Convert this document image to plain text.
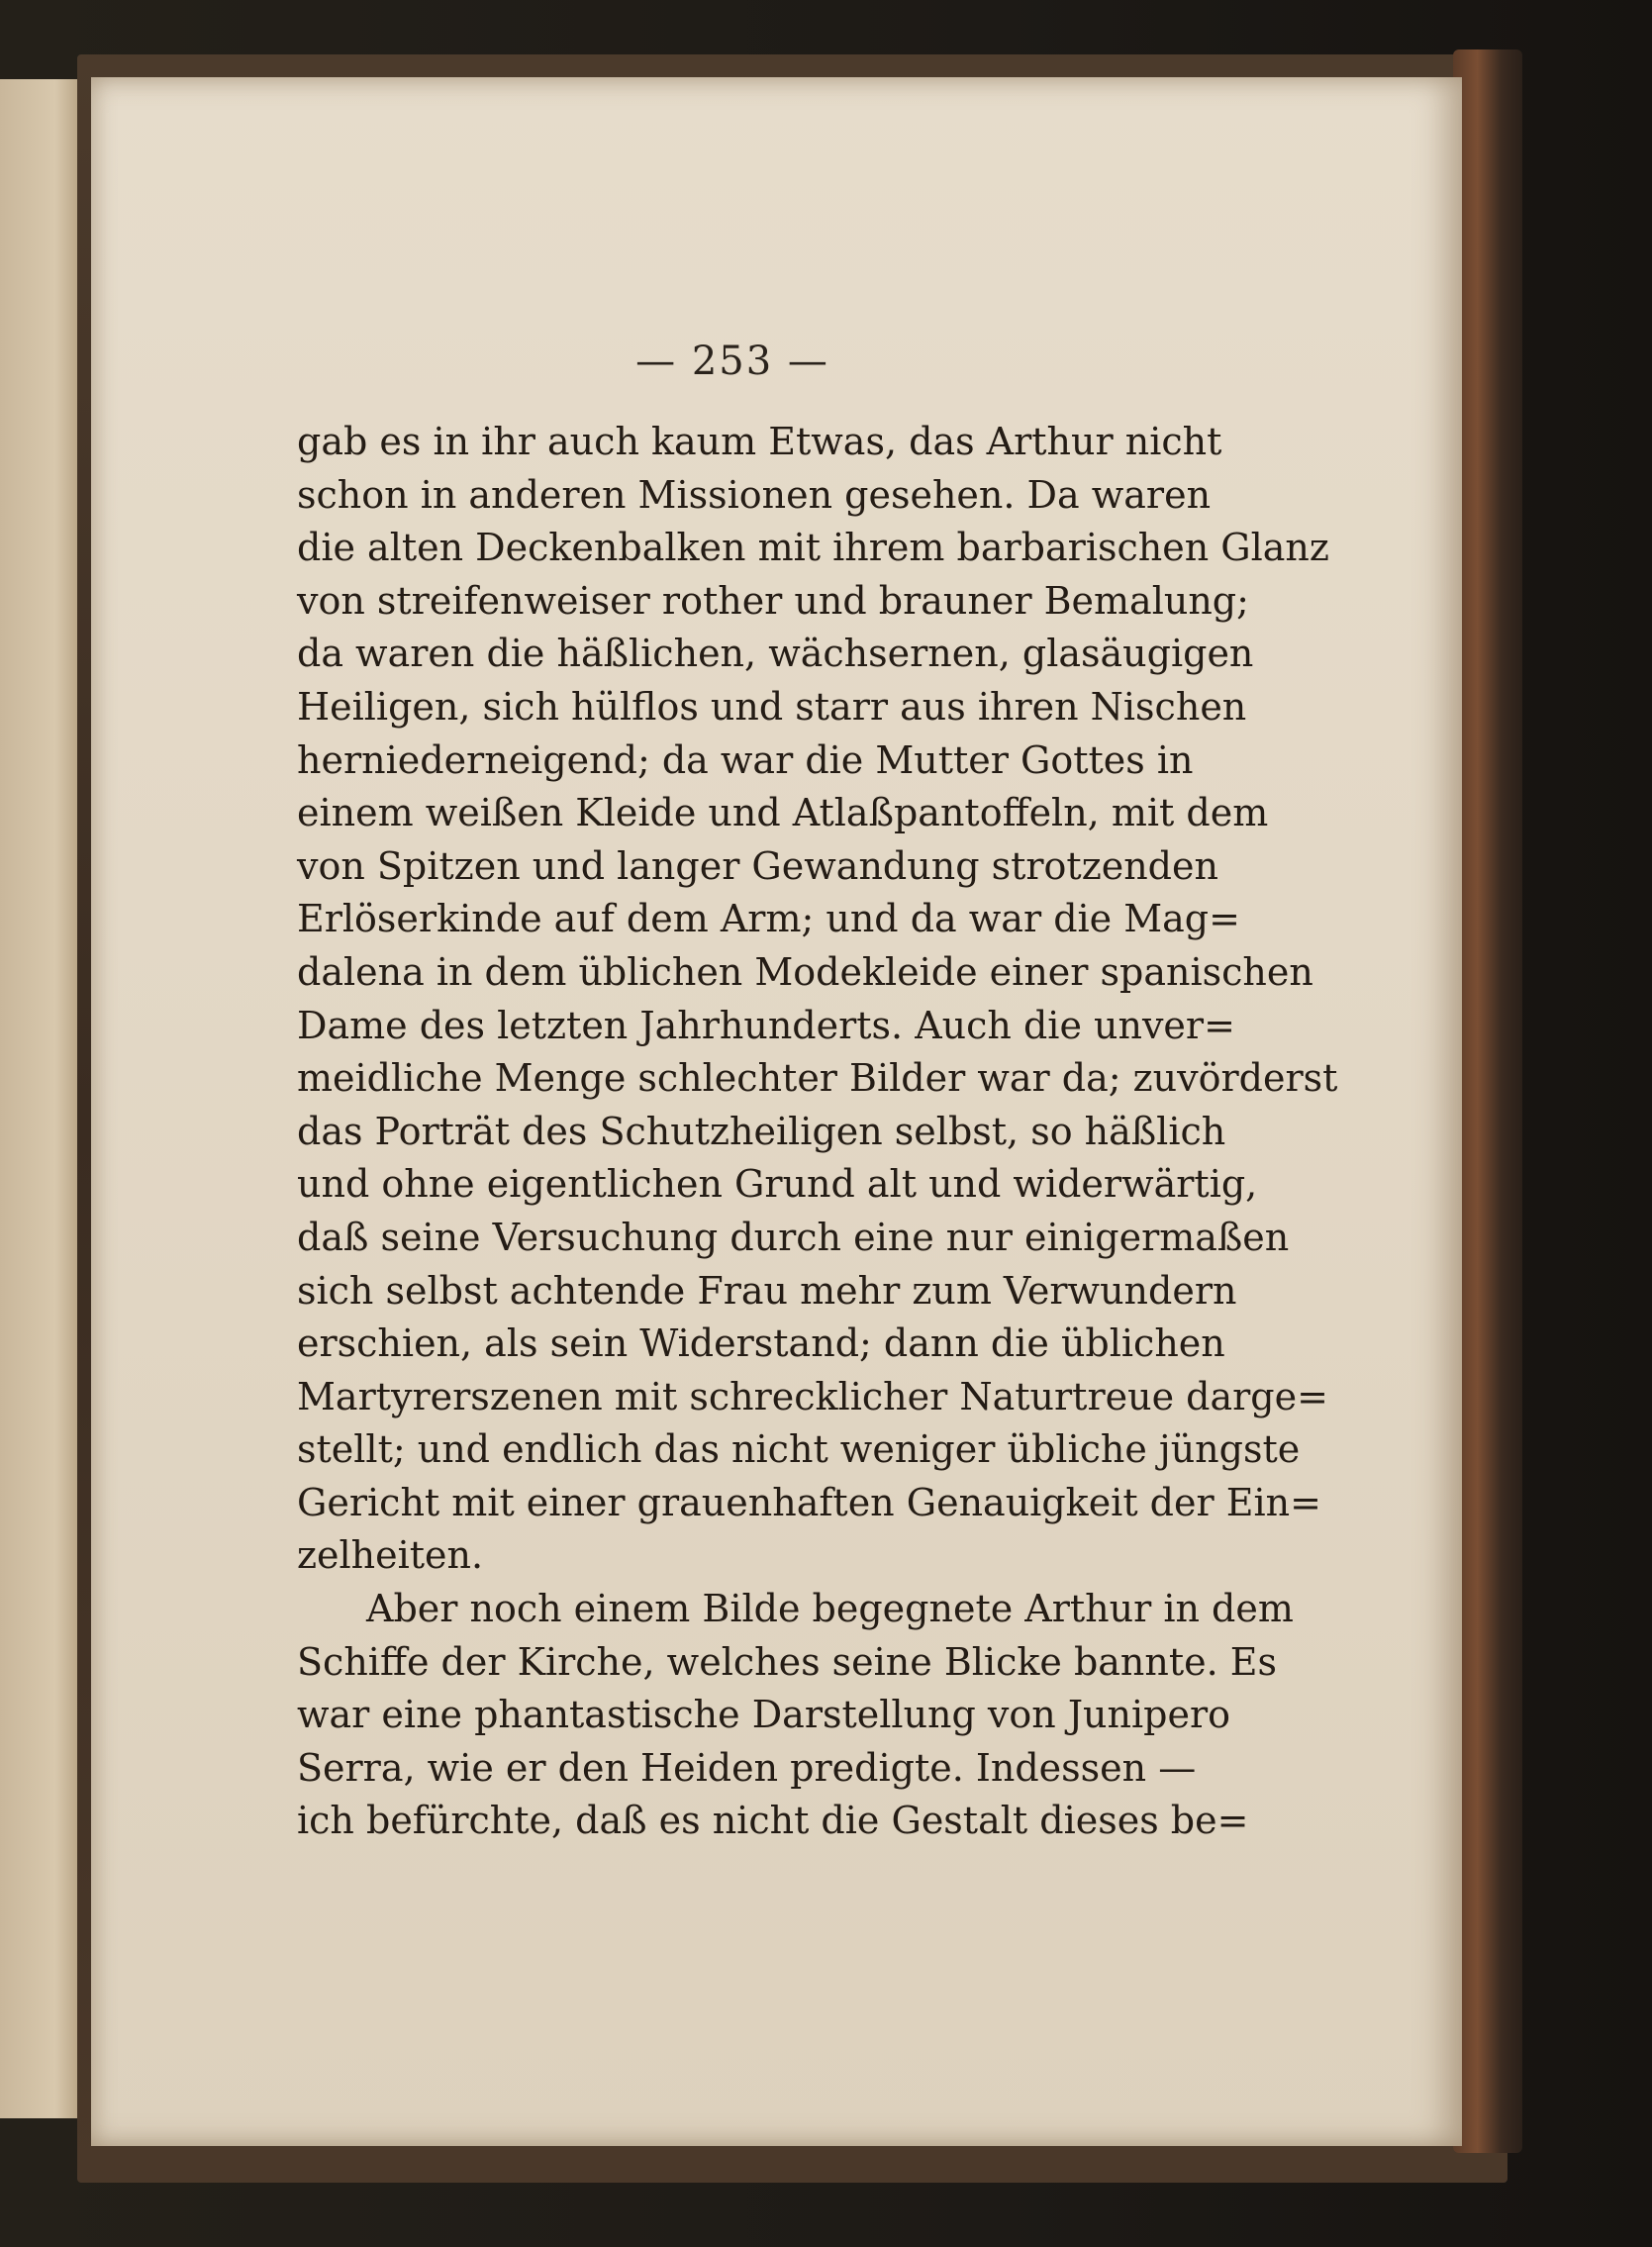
— 253 —
gab es in ihr auch kaum Etwas, das Arthur nicht
schon in anderen Missionen gesehen. Da waren
die alten Deckenbalken mit ihrem barbarischen Glanz
von streifenweiser rother und brauner Bemalung;
da waren die häßlichen, wächsernen, glasäugigen
Heiligen, sich hülflos und starr aus ihren Nischen
herniederneigend; da war die Mutter Gottes in
einem weißen Kleide und Atlaßpantoffeln, mit dem
von Spitzen und langer Gewandung strotzenden
Erlöserkinde auf dem Arm; und da war die Mag=
dalena in dem üblichen Modekleide einer spanischen
Dame des letzten Jahrhunderts. Auch die unver=
meidliche Menge schlechter Bilder war da; zuvörderst
das Porträt des Schutzheiligen selbst, so häßlich
und ohne eigentlichen Grund alt und widerwärtig,
daß seine Versuchung durch eine nur einigermaßen
sich selbst achtende Frau mehr zum Verwundern
erschien, als sein Widerstand; dann die üblichen
Martyrerszenen mit schrecklicher Naturtreue darge=
stellt; und endlich das nicht weniger übliche jüngste
Gericht mit einer grauenhaften Genauigkeit der Ein=
zelheiten.
Aber noch einem Bilde begegnete Arthur in dem
Schiffe der Kirche, welches seine Blicke bannte. Es
war eine phantastische Darstellung von Junipero
Serra, wie er den Heiden predigte. Indessen —
ich befürchte, daß es nicht die Gestalt dieses be=
